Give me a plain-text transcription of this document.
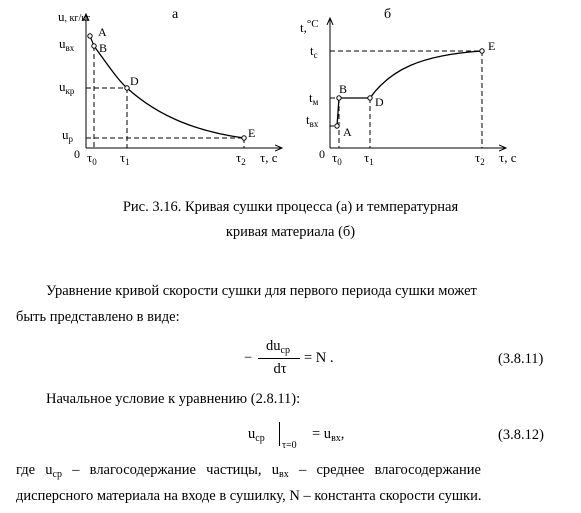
а
u, кг/кг
A
B
D
E
$u_{вх}$
$u_{кр}$
$u_р$
0 $\tau_0$ $\tau_1$	$\tau_2$ τ, с
б
t,$^{^\circ С}$
A
B
D
E
$t_с$
$t_м$
$t_{вх}$
0 $\tau_0$ $\tau_1$	$\tau_2$ τ, с
Рис. 3.16. Кривая сушки процесса (а) и температурная
кривая материала (б)
Уравнение кривой скорости сушки для первого периода сушки может
быть представлено в виде:
−
$du_{ср}$
dτ
= N .	(3.8.11)
Начальное условие к уравнению (2.8.11):
$u_{ср}$
τ=0
= $u_{вх}$,	(3.8.12)
где $u_{ср}$ – влагосодержание частицы, $u_{вх}$ – среднее влагосодержание
дисперсного материала на входе в сушилку, N – константа скорости сушки.
